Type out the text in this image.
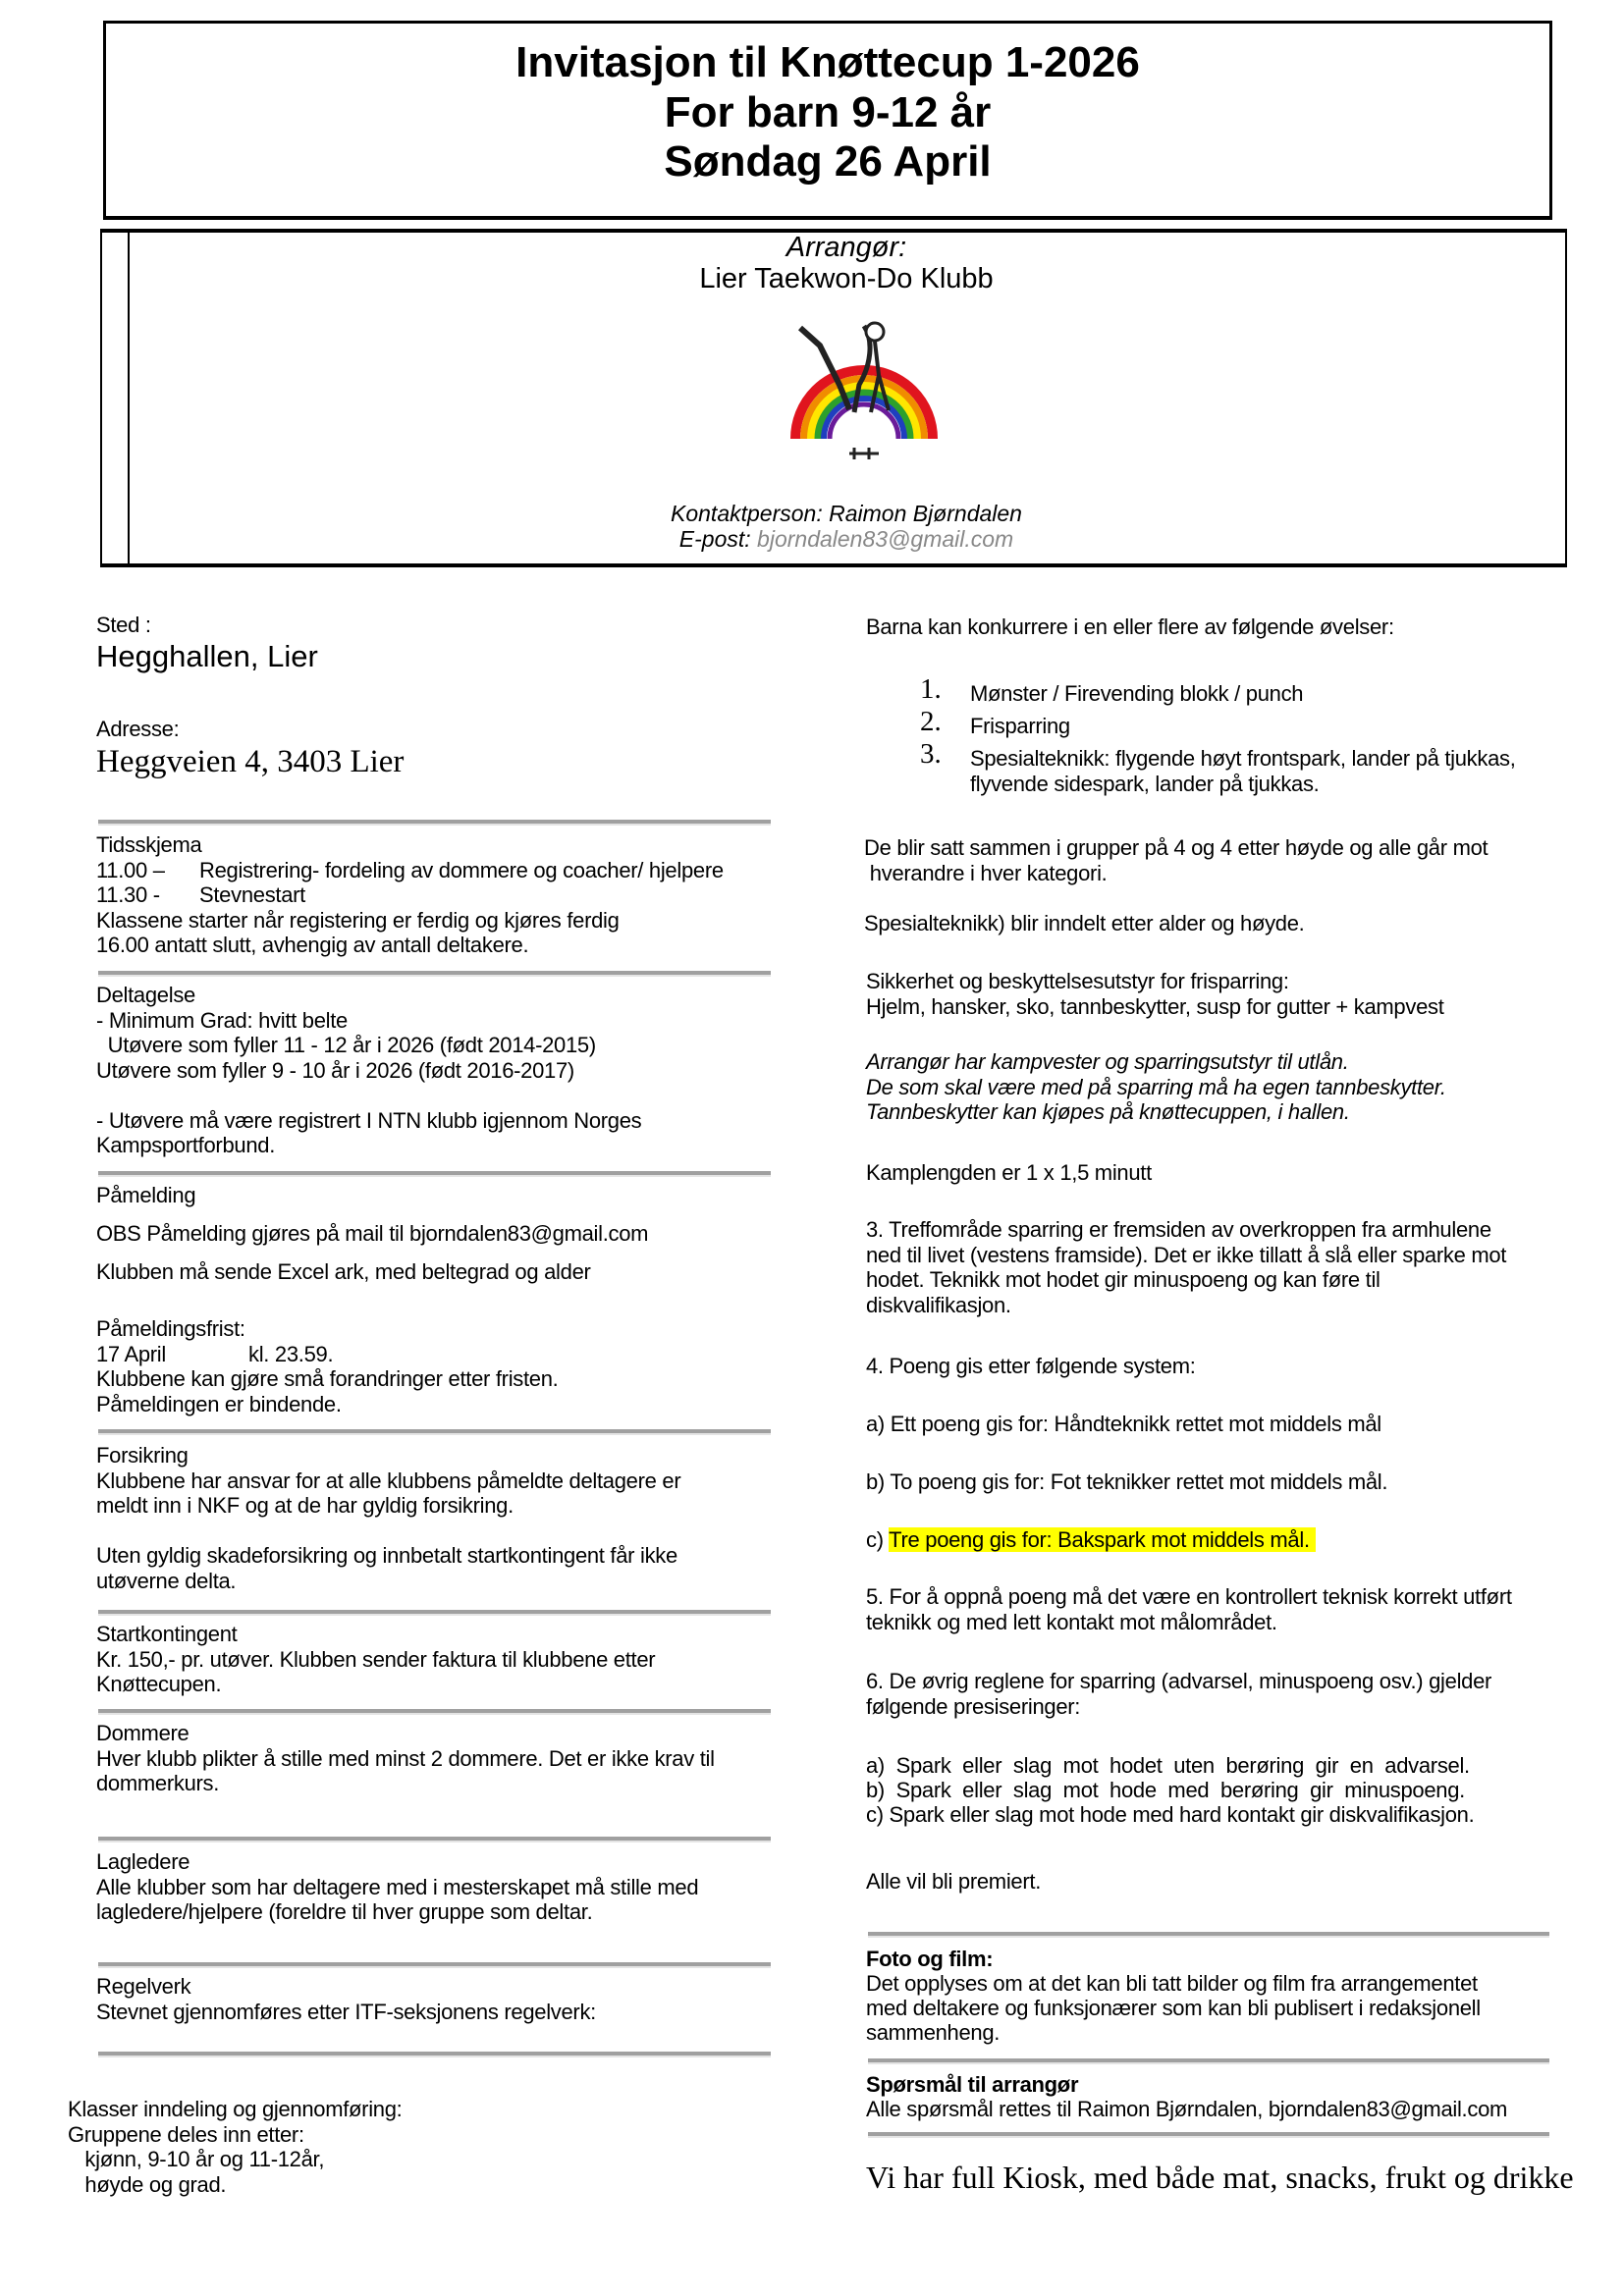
Invitasjon til Knøttecup 1-2026
For barn 9-12 år
Søndag 26 April
Arrangør:
Lier Taekwon-Do Klubb
Kontaktperson: Raimon Bjørndalen
E-post: bjorndalen83@gmail.com
Sted :
Hegghallen, Lier
Adresse:
Heggveien 4, 3403 Lier
Tidsskjema
11.00 – Registrering- fordeling av dommere og coacher/ hjelpere
11.30 - Stevnestart
Klassene starter når registering er ferdig og kjøres ferdig
16.00 antatt slutt, avhengig av antall deltakere.
Deltagelse
- Minimum Grad: hvitt belte
Utøvere som fyller 11 - 12 år i 2026 (født 2014-2015)
Utøvere som fyller 9 - 10 år i 2026 (født 2016-2017)
- Utøvere må være registrert I NTN klubb igjennom Norges
Kampsportforbund.
Påmelding
OBS Påmelding gjøres på mail til bjorndalen83@gmail.com
Klubben må sende Excel ark, med beltegrad og alder
Påmeldingsfrist:
17 April	kl. 23.59.
Klubbene kan gjøre små forandringer etter fristen.
Påmeldingen er bindende.
Forsikring
Klubbene har ansvar for at alle klubbens påmeldte deltagere er
meldt inn i NKF og at de har gyldig forsikring.
Uten gyldig skadeforsikring og innbetalt startkontingent får ikke
utøverne delta.
Startkontingent
Kr. 150,- pr. utøver. Klubben sender faktura til klubbene etter
Knøttecupen.
Dommere
Hver klubb plikter å stille med minst 2 dommere. Det er ikke krav til
dommerkurs.
Lagledere
Alle klubber som har deltagere med i mesterskapet må stille med
lagledere/hjelpere (foreldre til hver gruppe som deltar.
Regelverk
Stevnet gjennomføres etter ITF-seksjonens regelverk:
Klasser inndeling og gjennomføring:
Gruppene deles inn etter:
kjønn, 9-10 år og 11-12år,
høyde og grad.
Barna kan konkurrere i en eller flere av følgende øvelser:
1. Mønster / Firevending blokk / punch
2. Frisparring
3. Spesialteknikk: flygende høyt frontspark, lander på tjukkas,
flyvende sidespark, lander på tjukkas.
De blir satt sammen i grupper på 4 og 4 etter høyde og alle går mot
hverandre i hver kategori.
Spesialteknikk) blir inndelt etter alder og høyde.
Sikkerhet og beskyttelsesutstyr for frisparring:
Hjelm, hansker, sko, tannbeskytter, susp for gutter + kampvest
Arrangør har kampvester og sparringsutstyr til utlån.
De som skal være med på sparring må ha egen tannbeskytter.
Tannbeskytter kan kjøpes på knøttecuppen, i hallen.
Kamplengden er 1 x 1,5 minutt
3. Treffområde sparring er fremsiden av overkroppen fra armhulene
ned til livet (vestens framside). Det er ikke tillatt å slå eller sparke mot
hodet. Teknikk mot hodet gir minuspoeng og kan føre til
diskvalifikasjon.
4. Poeng gis etter følgende system:
a) Ett poeng gis for: Håndteknikk rettet mot middels mål
b) To poeng gis for: Fot teknikker rettet mot middels mål.
c) Tre poeng gis for: Bakspark mot middels mål.
5. For å oppnå poeng må det være en kontrollert teknisk korrekt utført
teknikk og med lett kontakt mot målområdet.
6. De øvrig reglene for sparring (advarsel, minuspoeng osv.) gjelder
følgende presiseringer:
a)  Spark  eller  slag  mot  hodet  uten  berøring  gir  en  advarsel.
b)  Spark  eller  slag  mot  hode  med  berøring  gir  minuspoeng.
c) Spark eller slag mot hode med hard kontakt gir diskvalifikasjon.
Alle vil bli premiert.
Foto og film:
Det opplyses om at det kan bli tatt bilder og film fra arrangementet
med deltakere og funksjonærer som kan bli publisert i redaksjonell
sammenheng.
Spørsmål til arrangør
Alle spørsmål rettes til Raimon Bjørndalen, bjorndalen83@gmail.com
Vi har full Kiosk, med både mat, snacks, frukt og drikke
